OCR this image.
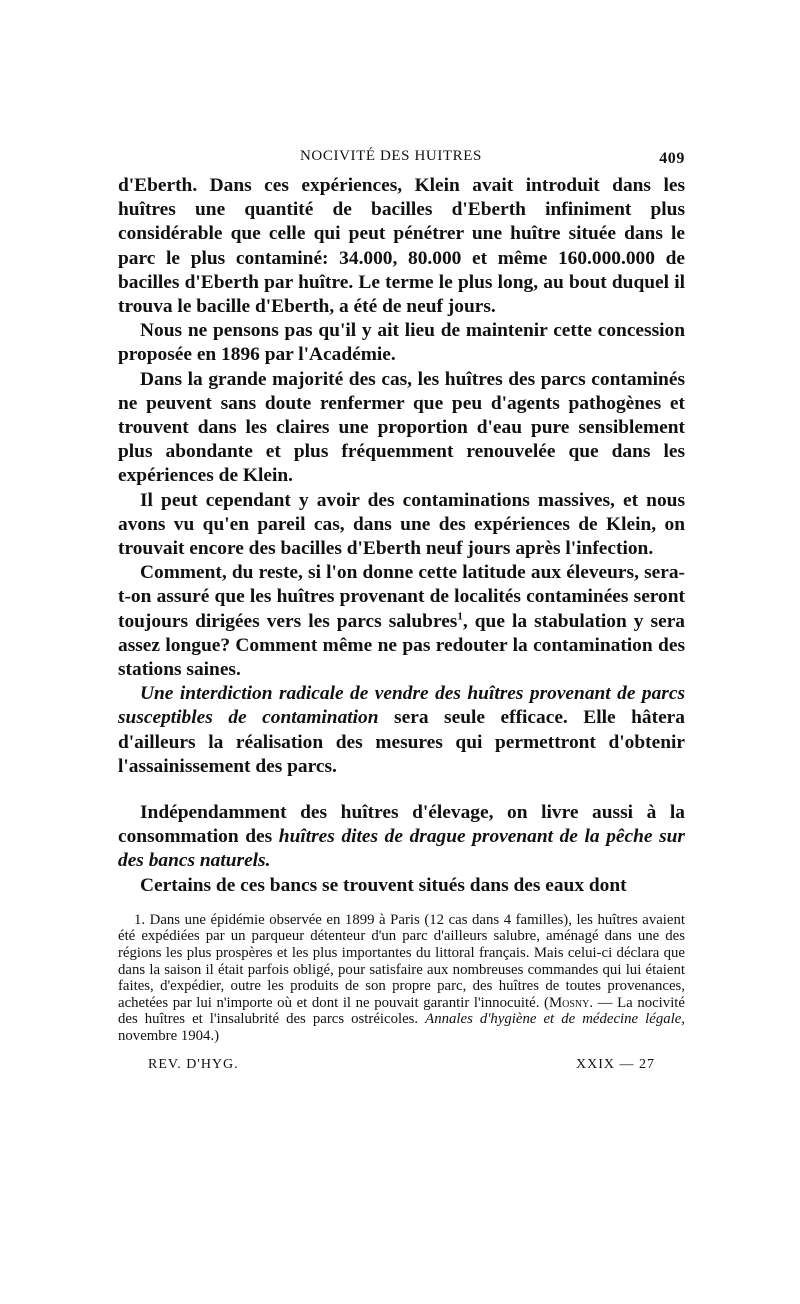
NOCIVITÉ DES HUITRES	409

d'Eberth. Dans ces expériences, Klein avait introduit dans les huîtres une quantité de bacilles d'Eberth infiniment plus considérable que celle qui peut pénétrer une huître située dans le parc le plus contaminé: 34.000, 80.000 et même 160.000.000 de bacilles d'Eberth par huître. Le terme le plus long, au bout duquel il trouva le bacille d'Eberth, a été de neuf jours.

Nous ne pensons pas qu'il y ait lieu de maintenir cette concession proposée en 1896 par l'Académie.

Dans la grande majorité des cas, les huîtres des parcs contaminés ne peuvent sans doute renfermer que peu d'agents pathogènes et trouvent dans les claires une proportion d'eau pure sensiblement plus abondante et plus fréquemment renouvelée que dans les expériences de Klein.

Il peut cependant y avoir des contaminations massives, et nous avons vu qu'en pareil cas, dans une des expériences de Klein, on trouvait encore des bacilles d'Eberth neuf jours après l'infection.

Comment, du reste, si l'on donne cette latitude aux éleveurs, sera-t-on assuré que les huîtres provenant de localités contaminées seront toujours dirigées vers les parcs salubres$^1$, que la stabulation y sera assez longue? Comment même ne pas redouter la contamination des stations saines.

Une interdiction radicale de vendre des huîtres provenant de parcs susceptibles de contamination sera seule efficace. Elle hâtera d'ailleurs la réalisation des mesures qui permettront d'obtenir l'assainissement des parcs.

Indépendamment des huîtres d'élevage, on livre aussi à la consommation des huîtres dites de drague provenant de la pêche sur des bancs naturels.

Certains de ces bancs se trouvent situés dans des eaux dont

1. Dans une épidémie observée en 1899 à Paris (12 cas dans 4 familles), les huîtres avaient été expédiées par un parqueur détenteur d'un parc d'ailleurs salubre, aménagé dans une des régions les plus prospères et les plus importantes du littoral français. Mais celui-ci déclara que dans la saison il était parfois obligé, pour satisfaire aux nombreuses commandes qui lui étaient faites, d'expédier, outre les produits de son propre parc, des huîtres de toutes provenances, achetées par lui n'importe où et dont il ne pouvait garantir l'innocuité. (Mosny. — La nocivité des huîtres et l'insalubrité des parcs ostréicoles. Annales d'hygiène et de médecine légale, novembre 1904.)

REV. D'HYG.	XXIX — 27
